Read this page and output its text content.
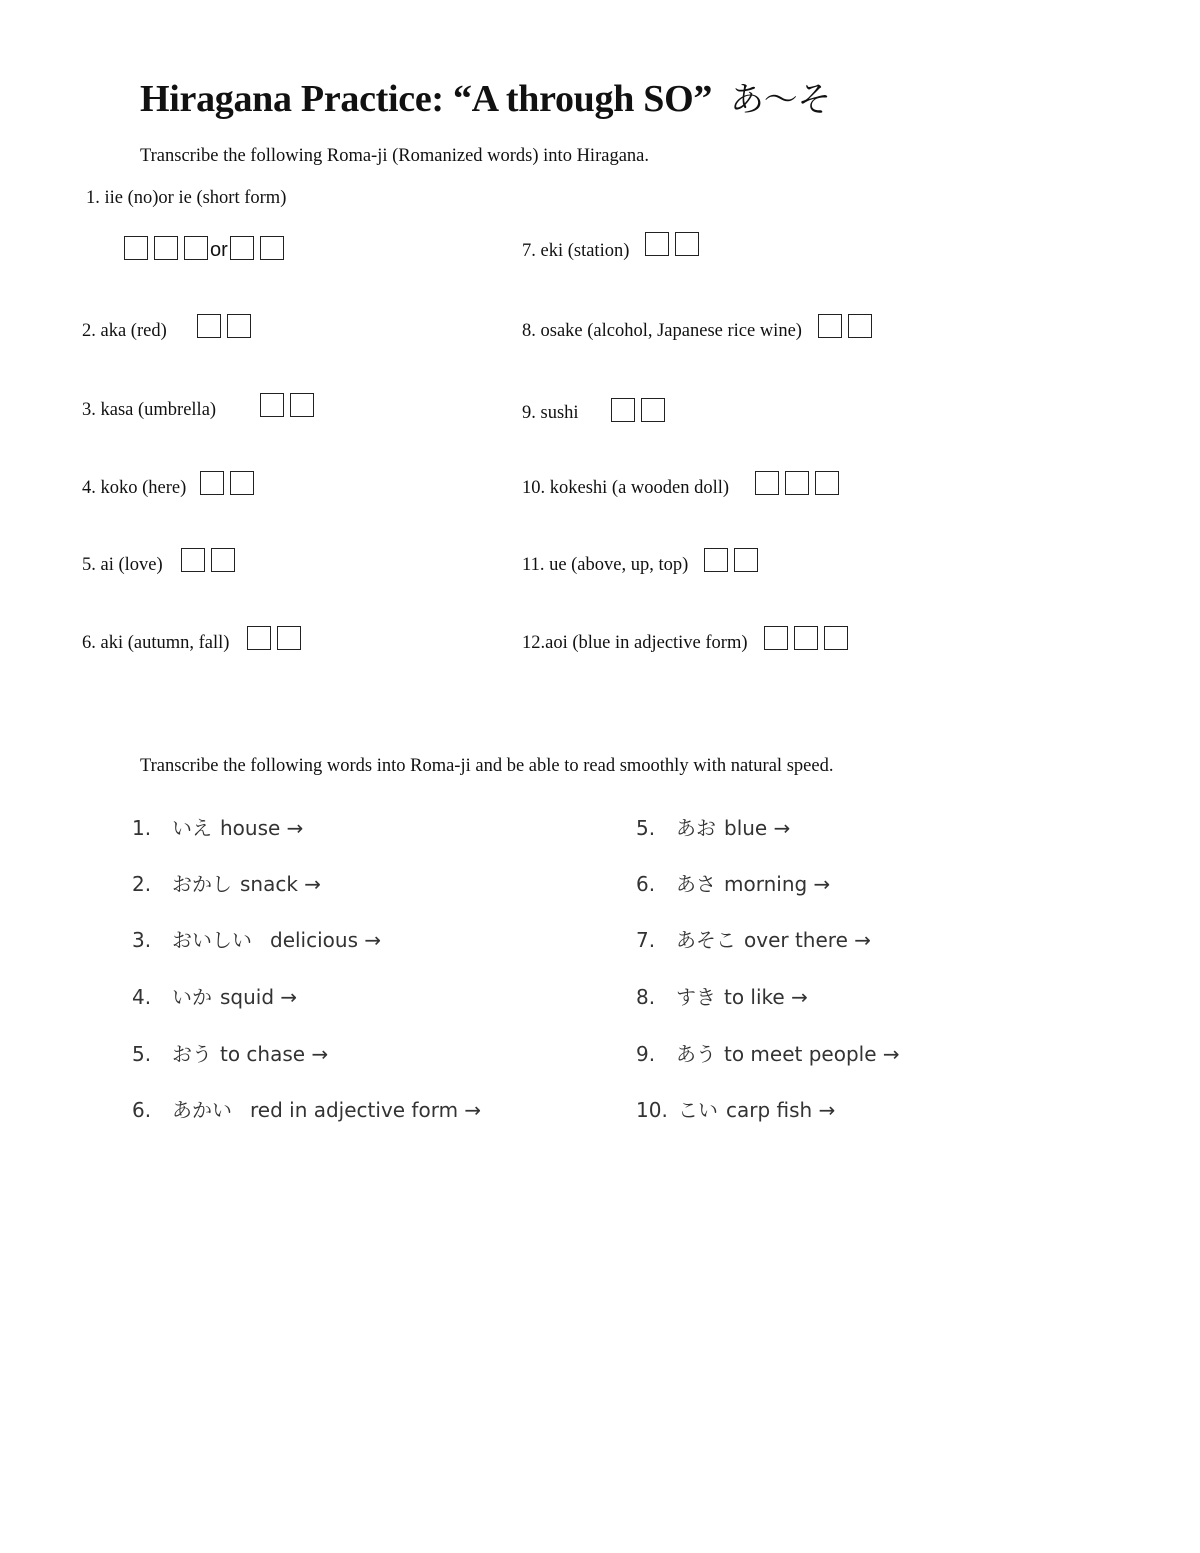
Hiragana Practice: “A through SO” あ〜そ
Transcribe the following Roma-ji (Romanized words) into Hiragana.
1. iie (no)or ie (short form)
or	7. eki (station)
2. aka (red)	8. osake (alcohol, Japanese rice wine)
3. kasa (umbrella)	9. sushi
4. koko (here)	10. kokeshi (a wooden doll)
5. ai (love)	11. ue (above, up, top)
6. aki (autumn, fall)	12.aoi (blue in adjective form)
Transcribe the following words into Roma-ji and be able to read smoothly with natural speed.
1. いえ house →	5. あお blue →
2. おかし snack →	6. あさ morning →
3. おいしい delicious →	7. あそこ over there →
4. いか squid →	8. すき to like →
5. おう to chase →	9. あう to meet people →
6. あかい red in adjective form →	10. こい carp fish →
